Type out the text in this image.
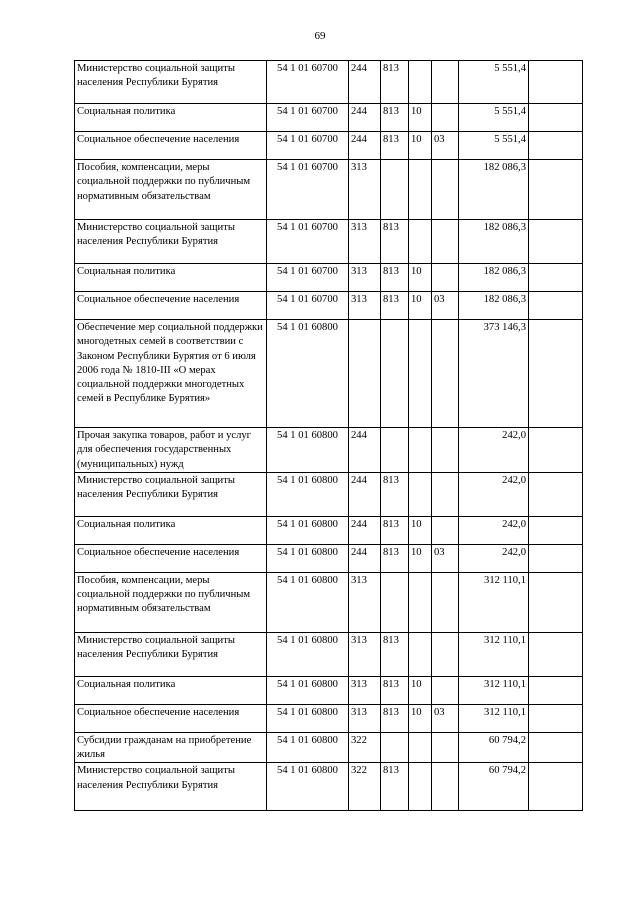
69
Министерство социальной защиты населения Республики Бурятия	54 1 01 60700	244	813			5 551,4	
Социальная политика	54 1 01 60700	244	813	10		5 551,4	
Социальное обеспечение населения	54 1 01 60700	244	813	10	03	5 551,4	
Пособия, компенсации, меры социальной поддержки по публичным нормативным обязательствам	54 1 01 60700	313				182 086,3	
Министерство социальной защиты населения Республики Бурятия	54 1 01 60700	313	813			182 086,3	
Социальная политика	54 1 01 60700	313	813	10		182 086,3	
Социальное обеспечение населения	54 1 01 60700	313	813	10	03	182 086,3	
Обеспечение мер социальной поддержки многодетных семей в соответствии с Законом Республики Бурятия от 6 июля 2006 года № 1810-III «О мерах социальной поддержки многодетных семей в Республике Бурятия»	54 1 01 60800					373 146,3	
Прочая закупка товаров, работ и услуг для обеспечения государственных (муниципальных) нужд	54 1 01 60800	244				242,0	
Министерство социальной защиты населения Республики Бурятия	54 1 01 60800	244	813			242,0	
Социальная политика	54 1 01 60800	244	813	10		242,0	
Социальное обеспечение населения	54 1 01 60800	244	813	10	03	242,0	
Пособия, компенсации, меры социальной поддержки по публичным нормативным обязательствам	54 1 01 60800	313				312 110,1	
Министерство социальной защиты населения Республики Бурятия	54 1 01 60800	313	813			312 110,1	
Социальная политика	54 1 01 60800	313	813	10		312 110,1	
Социальное обеспечение населения	54 1 01 60800	313	813	10	03	312 110,1	
Субсидии гражданам на приобретение жилья	54 1 01 60800	322				60 794,2	
Министерство социальной защиты населения Республики Бурятия	54 1 01 60800	322	813			60 794,2	
